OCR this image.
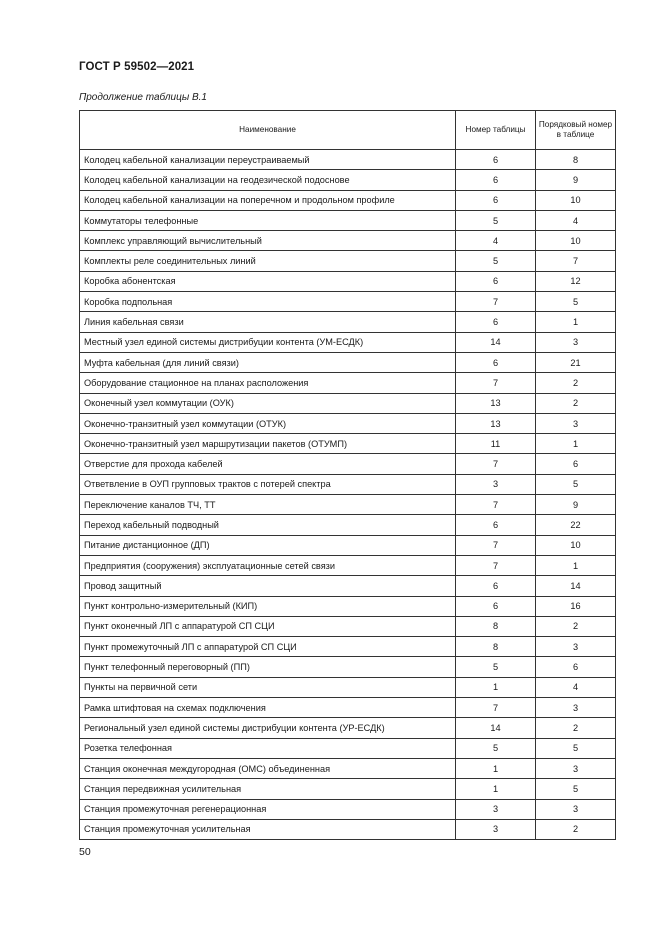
ГОСТ Р 59502—2021
Продолжение таблицы В.1
Наименование	Номер таблицы	Порядковый номер в таблице
Колодец кабельной канализации переустраиваемый	6	8
Колодец кабельной канализации на геодезической подоснове	6	9
Колодец кабельной канализации на поперечном и продольном профиле	6	10
Коммутаторы телефонные	5	4
Комплекс управляющий вычислительный	4	10
Комплекты реле соединительных линий	5	7
Коробка абонентская	6	12
Коробка подпольная	7	5
Линия кабельная связи	6	1
Местный узел единой системы дистрибуции контента (УМ-ЕСДК)	14	3
Муфта кабельная (для линий связи)	6	21
Оборудование стационное на планах расположения	7	2
Оконечный узел коммутации (ОУК)	13	2
Оконечно-транзитный узел коммутации (ОТУК)	13	3
Оконечно-транзитный узел маршрутизации пакетов (ОТУМП)	11	1
Отверстие для прохода кабелей	7	6
Ответвление в ОУП групповых трактов с потерей спектра	3	5
Переключение каналов ТЧ, ТТ	7	9
Переход кабельный подводный	6	22
Питание дистанционное (ДП)	7	10
Предприятия (сооружения) эксплуатационные сетей связи	7	1
Провод защитный	6	14
Пункт контрольно-измерительный (КИП)	6	16
Пункт оконечный ЛП с аппаратурой СП СЦИ	8	2
Пункт промежуточный ЛП с аппаратурой СП СЦИ	8	3
Пункт телефонный переговорный (ПП)	5	6
Пункты на первичной сети	1	4
Рамка штифтовая на схемах подключения	7	3
Региональный узел единой системы дистрибуции контента (УР-ЕСДК)	14	2
Розетка телефонная	5	5
Станция оконечная междугородная (ОМС) объединенная	1	3
Станция передвижная усилительная	1	5
Станция промежуточная регенерационная	3	3
Станция промежуточная усилительная	3	2
50
